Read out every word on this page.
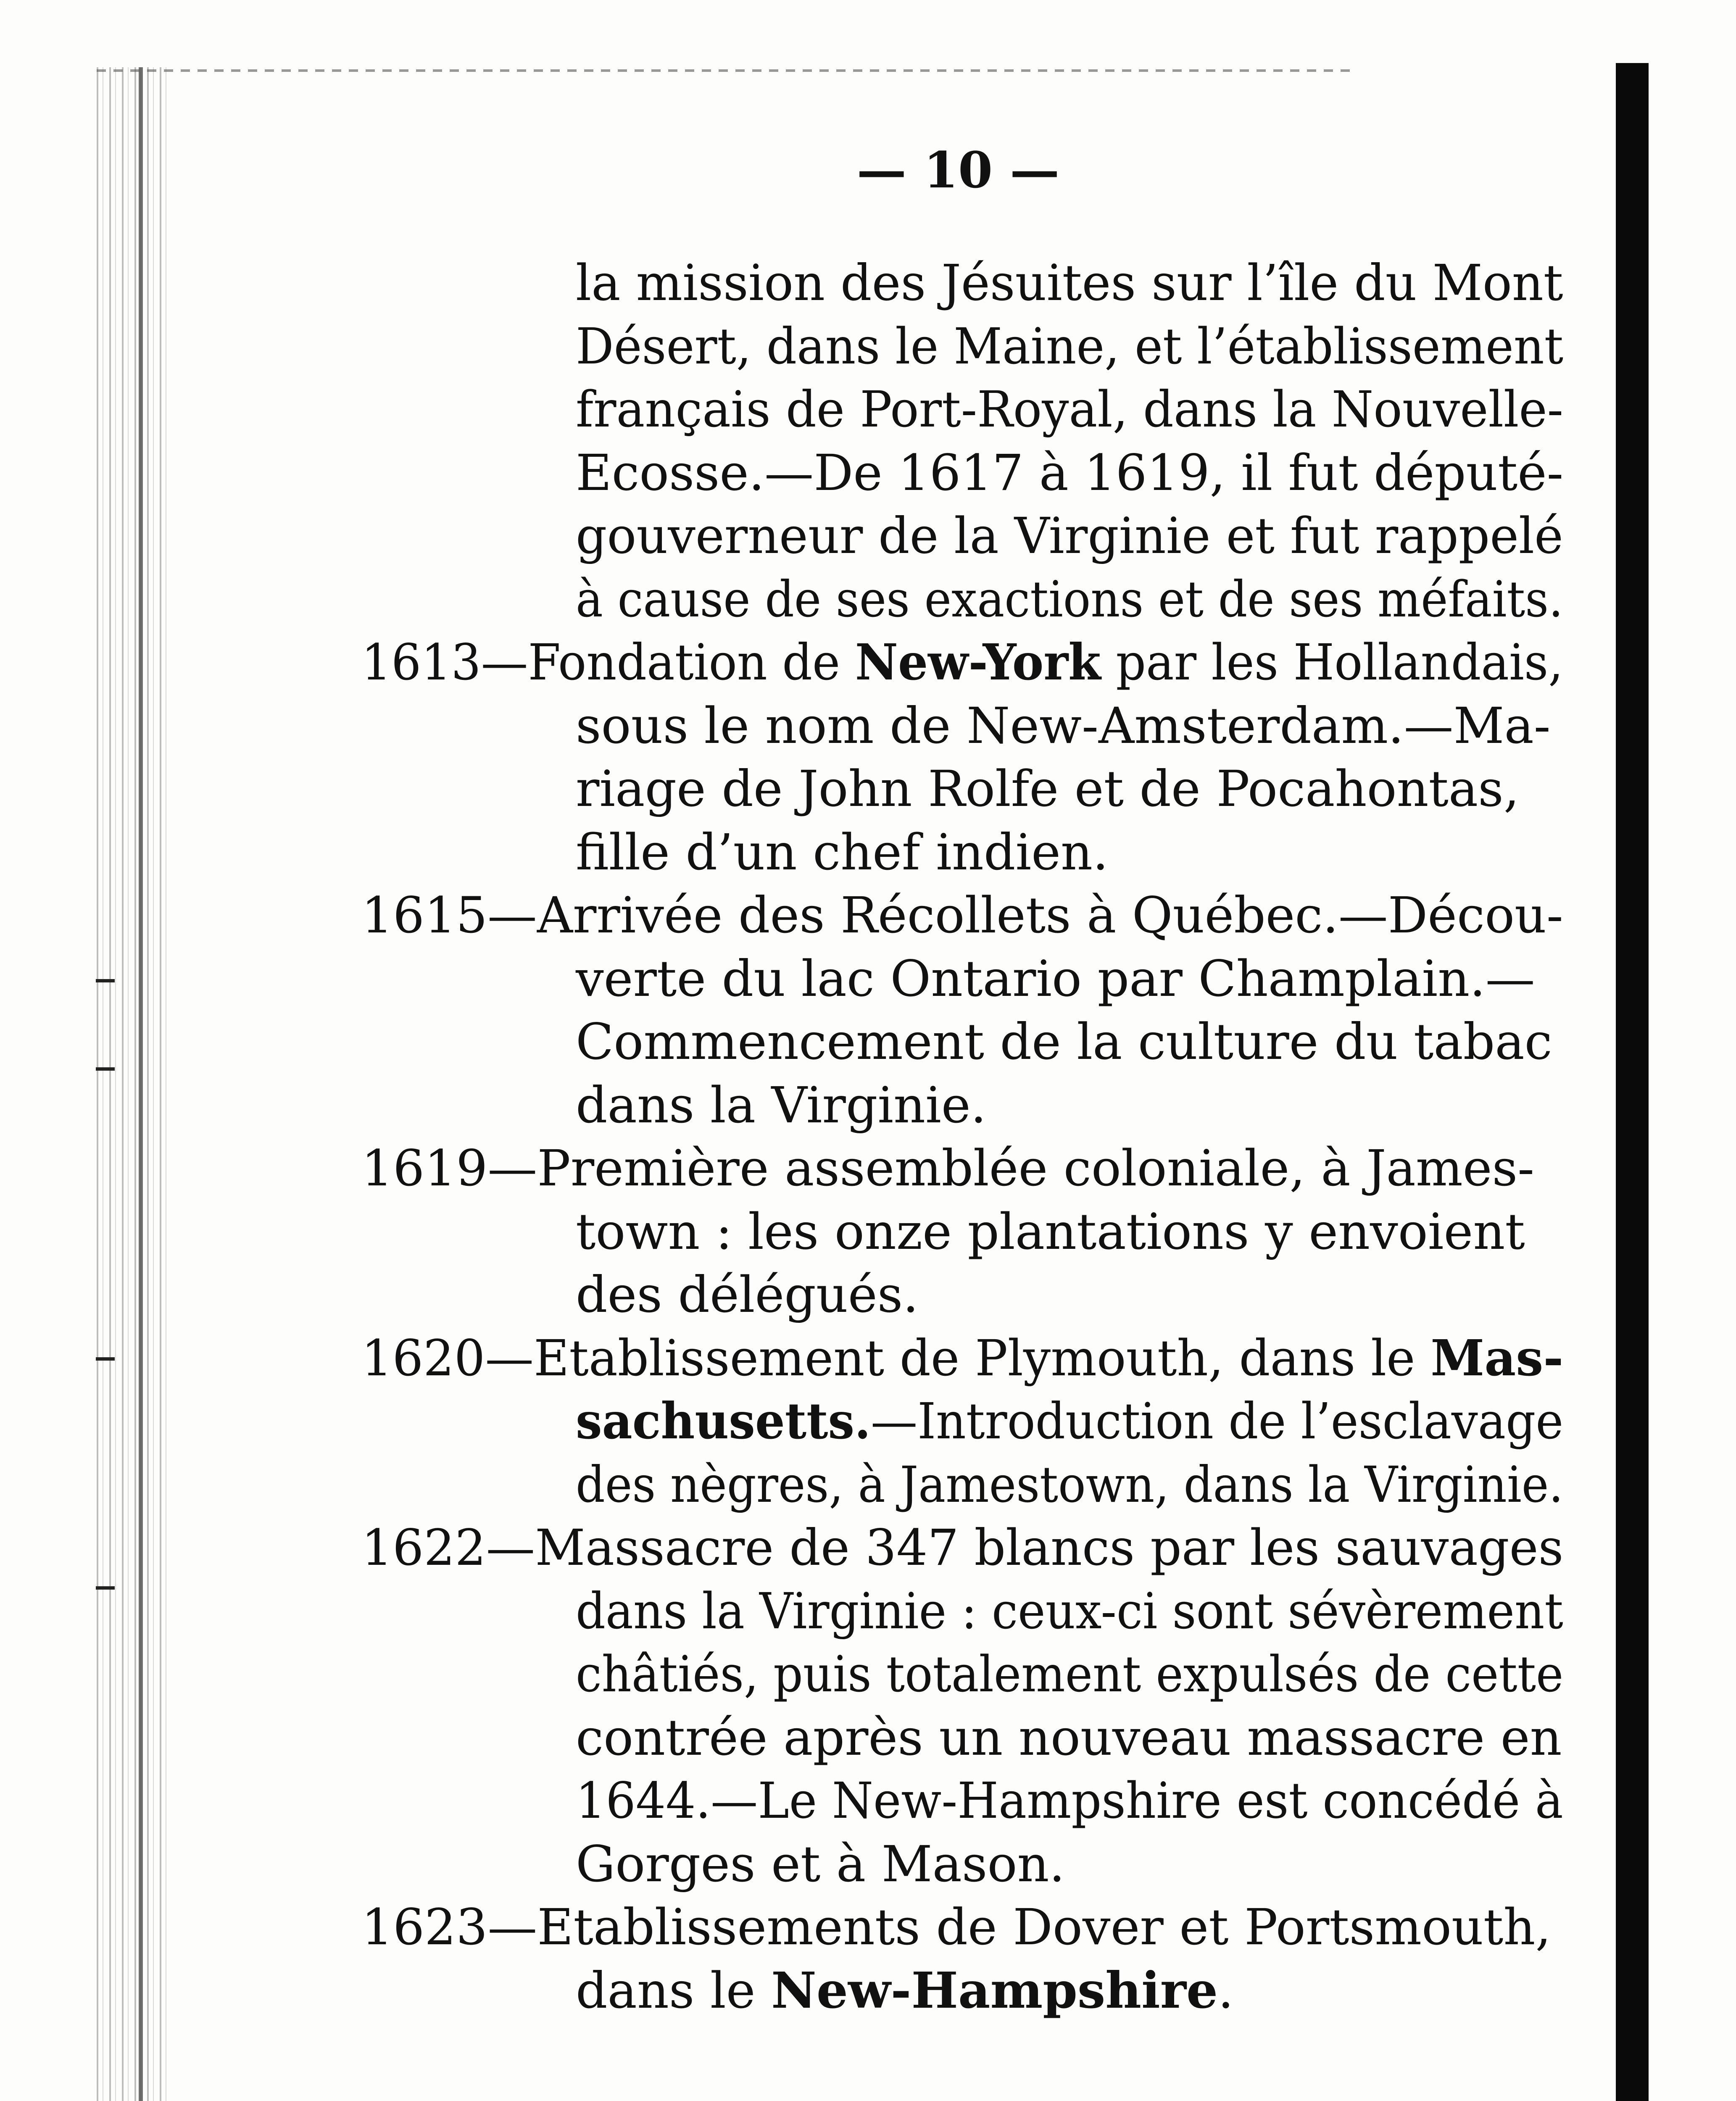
— 10 —
la mission des Jésuites sur l’île du Mont
Désert, dans le Maine, et l’établissement
français de Port-Royal, dans la Nouvelle-
Ecosse.—De 1617 à 1619, il fut député-
gouverneur de la Virginie et fut rappelé
à cause de ses exactions et de ses méfaits.
1613—Fondation de New-York par les Hollandais,
sous le nom de New-Amsterdam.—Ma-
riage de John Rolfe et de Pocahontas,
fille d’un chef indien.
1615—Arrivée des Récollets à Québec.—Décou-
verte du lac Ontario par Champlain.—
Commencement de la culture du tabac
dans la Virginie.
1619—Première assemblée coloniale, à James-
town : les onze plantations y envoient
des délégués.
1620—Etablissement de Plymouth, dans le Mas-
sachusetts.—Introduction de l’esclavage
des nègres, à Jamestown, dans la Virginie.
1622—Massacre de 347 blancs par les sauvages
dans la Virginie : ceux-ci sont sévèrement
châtiés, puis totalement expulsés de cette
contrée après un nouveau massacre en
1644.—Le New-Hampshire est concédé à
Gorges et à Mason.
1623—Etablissements de Dover et Portsmouth,
dans le New-Hampshire.
